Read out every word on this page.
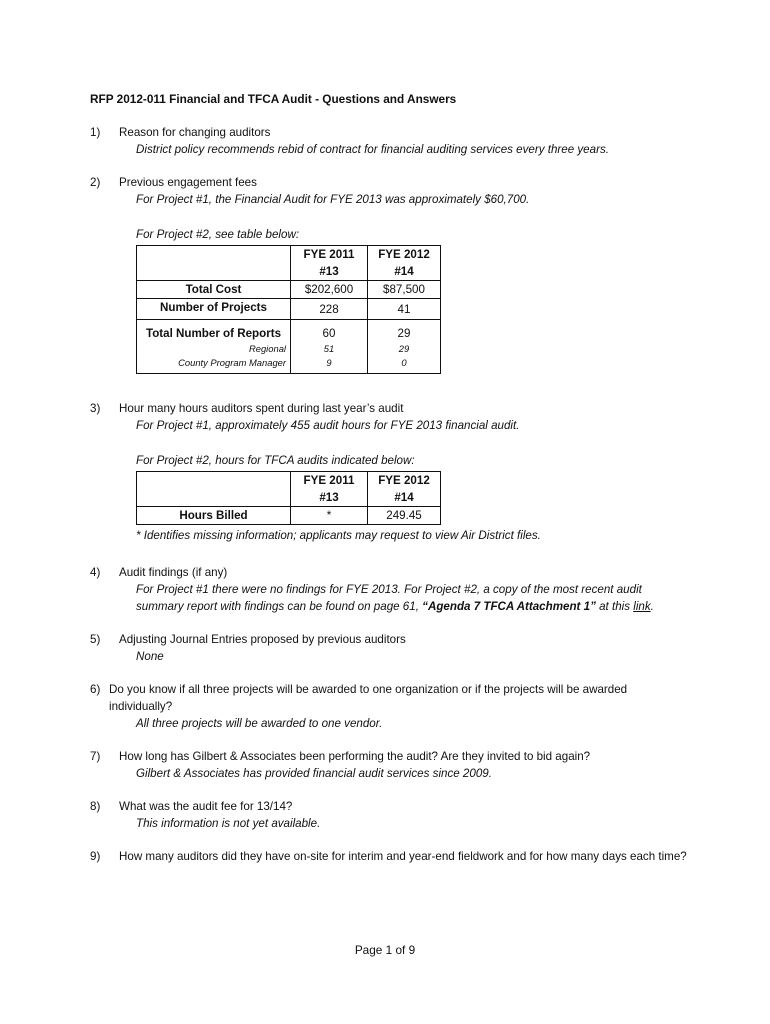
RFP 2012-011 Financial and TFCA Audit - Questions and Answers
1) Reason for changing auditors
District policy recommends rebid of contract for financial auditing services every three years.
2) Previous engagement fees
For Project #1, the Financial Audit for FYE 2013 was approximately $60,700.
For Project #2, see table below:
	FYE 2011	FYE 2012
	#13	#14
Total Cost	$202,600	$87,500
Number of Projects	228	41
Total Number of Reports	60	29
Regional	51	29
County Program Manager	9	0
3) Hour many hours auditors spent during last year’s audit
For Project #1, approximately 455 audit hours for FYE 2013 financial audit.
For Project #2, hours for TFCA audits indicated below:
	FYE 2011	FYE 2012
	#13	#14
Hours Billed	*	249.45
* Identifies missing information; applicants may request to view Air District files.
4) Audit findings (if any)
For Project #1 there were no findings for FYE 2013. For Project #2, a copy of the most recent audit summary report with findings can be found on page 61, “Agenda 7 TFCA Attachment 1” at this link.
5) Adjusting Journal Entries proposed by previous auditors
None
6) Do you know if all three projects will be awarded to one organization or if the projects will be awarded individually?
All three projects will be awarded to one vendor.
7) How long has Gilbert & Associates been performing the audit? Are they invited to bid again?
Gilbert & Associates has provided financial audit services since 2009.
8) What was the audit fee for 13/14?
This information is not yet available.
9) How many auditors did they have on-site for interim and year-end fieldwork and for how many days each time?
Page 1 of 9
